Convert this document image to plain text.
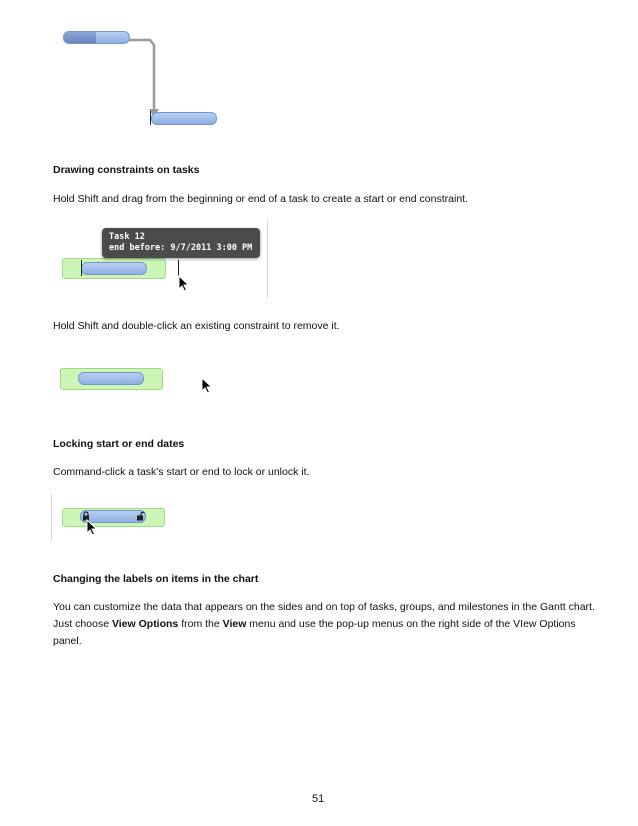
Drawing constraints on tasks
Hold Shift and drag from the beginning or end of a task to create a start or end constraint.
Task 12
end before: 9/7/2011 3:00 PM
Hold Shift and double-click an existing constraint to remove it.
Locking start or end dates
Command-click a task's start or end to lock or unlock it.
Changing the labels on items in the chart
You can customize the data that appears on the sides and on top of tasks, groups, and milestones in the Gantt chart. Just choose View Options from the View menu and use the pop-up menus on the right side of the VIew Options panel.
51
